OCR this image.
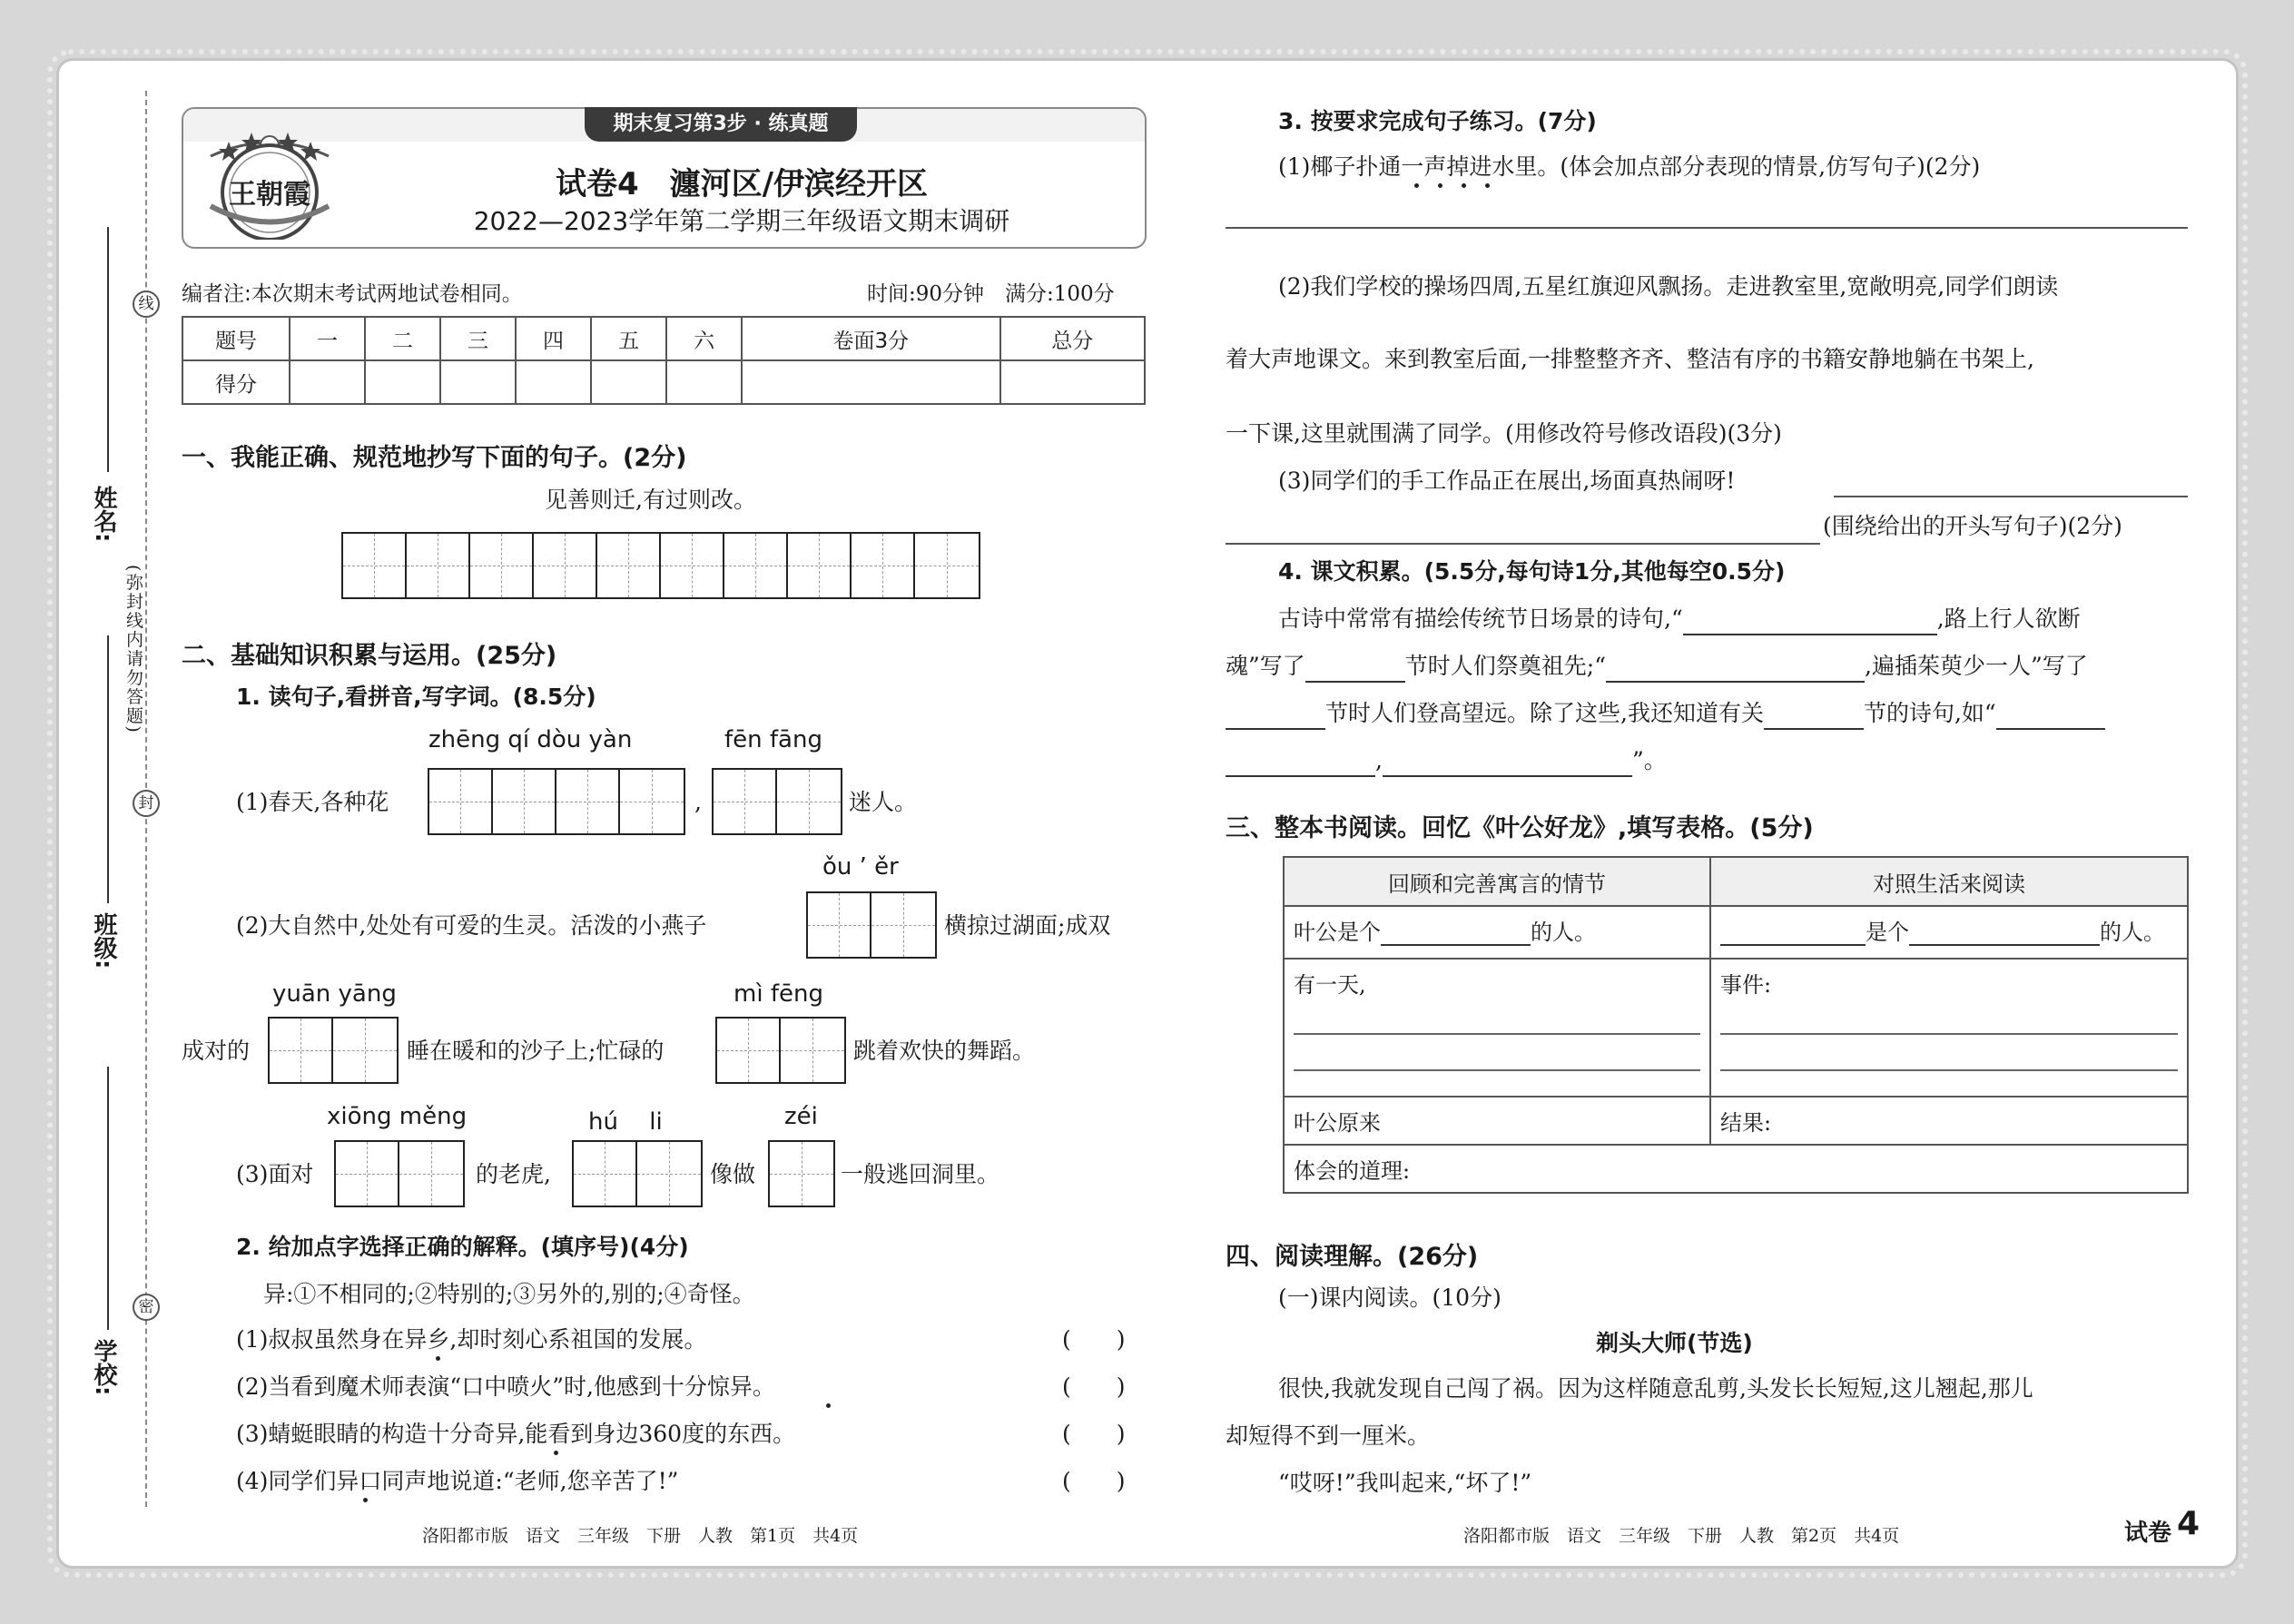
线
封
密
(弥封线内请勿答题)
姓名:
班级:
学校:
期末复习第3步 · 练真题
王朝霞	试卷4　瀍河区/伊滨经开区
2022—2023学年第二学期三年级语文期末调研
编者注:本次期末考试两地试卷相同。	时间:90分钟　满分:100分
题号	一	二	三	四	五	六	卷面3分	总分
得分								
一、我能正确、规范地抄写下面的句子。(2分)
见善则迁,有过则改。
二、基础知识积累与运用。(25分)
1. 读句子,看拼音,写字词。(8.5分)
zhēng qí dòu yàn	fēn fāng
(1)春天,各种花	,	迷人。
ǒu ’ ěr
(2)大自然中,处处有可爱的生灵。活泼的小燕子	横掠过湖面;成双
yuān yāng	mì fēng
成对的	睡在暖和的沙子上;忙碌的	跳着欢快的舞蹈。
xiōng měng	hú　 li	zéi
(3)面对	的老虎,	像做	一般逃回洞里。
2. 给加点字选择正确的解释。(填序号)(4分)
异:①不相同的;②特别的;③另外的,别的;④奇怪。
(1)叔叔虽然身在异乡,却时刻心系祖国的发展。	(　　)
(2)当看到魔术师表演“口中喷火”时,他感到十分惊异。	(　　)
(3)蜻蜓眼睛的构造十分奇异,能看到身边360度的东西。	(　　)
(4)同学们异口同声地说道:“老师,您辛苦了!”	(　　)
洛阳都市版　语文　三年级　下册　人教　第1页　共4页
3. 按要求完成句子练习。(7分)
(1)椰子扑通一声掉进水里。(体会加点部分表现的情景,仿写句子)(2分)
(2)我们学校的操场四周,五星红旗迎风飘扬。走进教室里,宽敞明亮,同学们朗读
着大声地课文。来到教室后面,一排整整齐齐、整洁有序的书籍安静地躺在书架上,
一下课,这里就围满了同学。(用修改符号修改语段)(3分)
(3)同学们的手工作品正在展出,场面真热闹呀!
(围绕给出的开头写句子)(2分)
4. 课文积累。(5.5分,每句诗1分,其他每空0.5分)
古诗中常常有描绘传统节日场景的诗句,“	,路上行人欲断
魂”写了	节时人们祭奠祖先;“	,遍插茱萸少一人”写了
节时人们登高望远。除了这些,我还知道有关	节的诗句,如“
,	”。
三、整本书阅读。回忆《叶公好龙》,填写表格。(5分)
回顾和完善寓言的情节	对照生活来阅读
叶公是个 的人。	是个 的人。
有一天,	事件:

叶公原来	结果:
体会的道理:	
四、阅读理解。(26分)
(一)课内阅读。(10分)
剃头大师(节选)
很快,我就发现自己闯了祸。因为这样随意乱剪,头发长长短短,这儿翘起,那儿
却短得不到一厘米。
“哎呀!”我叫起来,“坏了!”
洛阳都市版　语文　三年级　下册　人教　第2页　共4页	试卷 4
